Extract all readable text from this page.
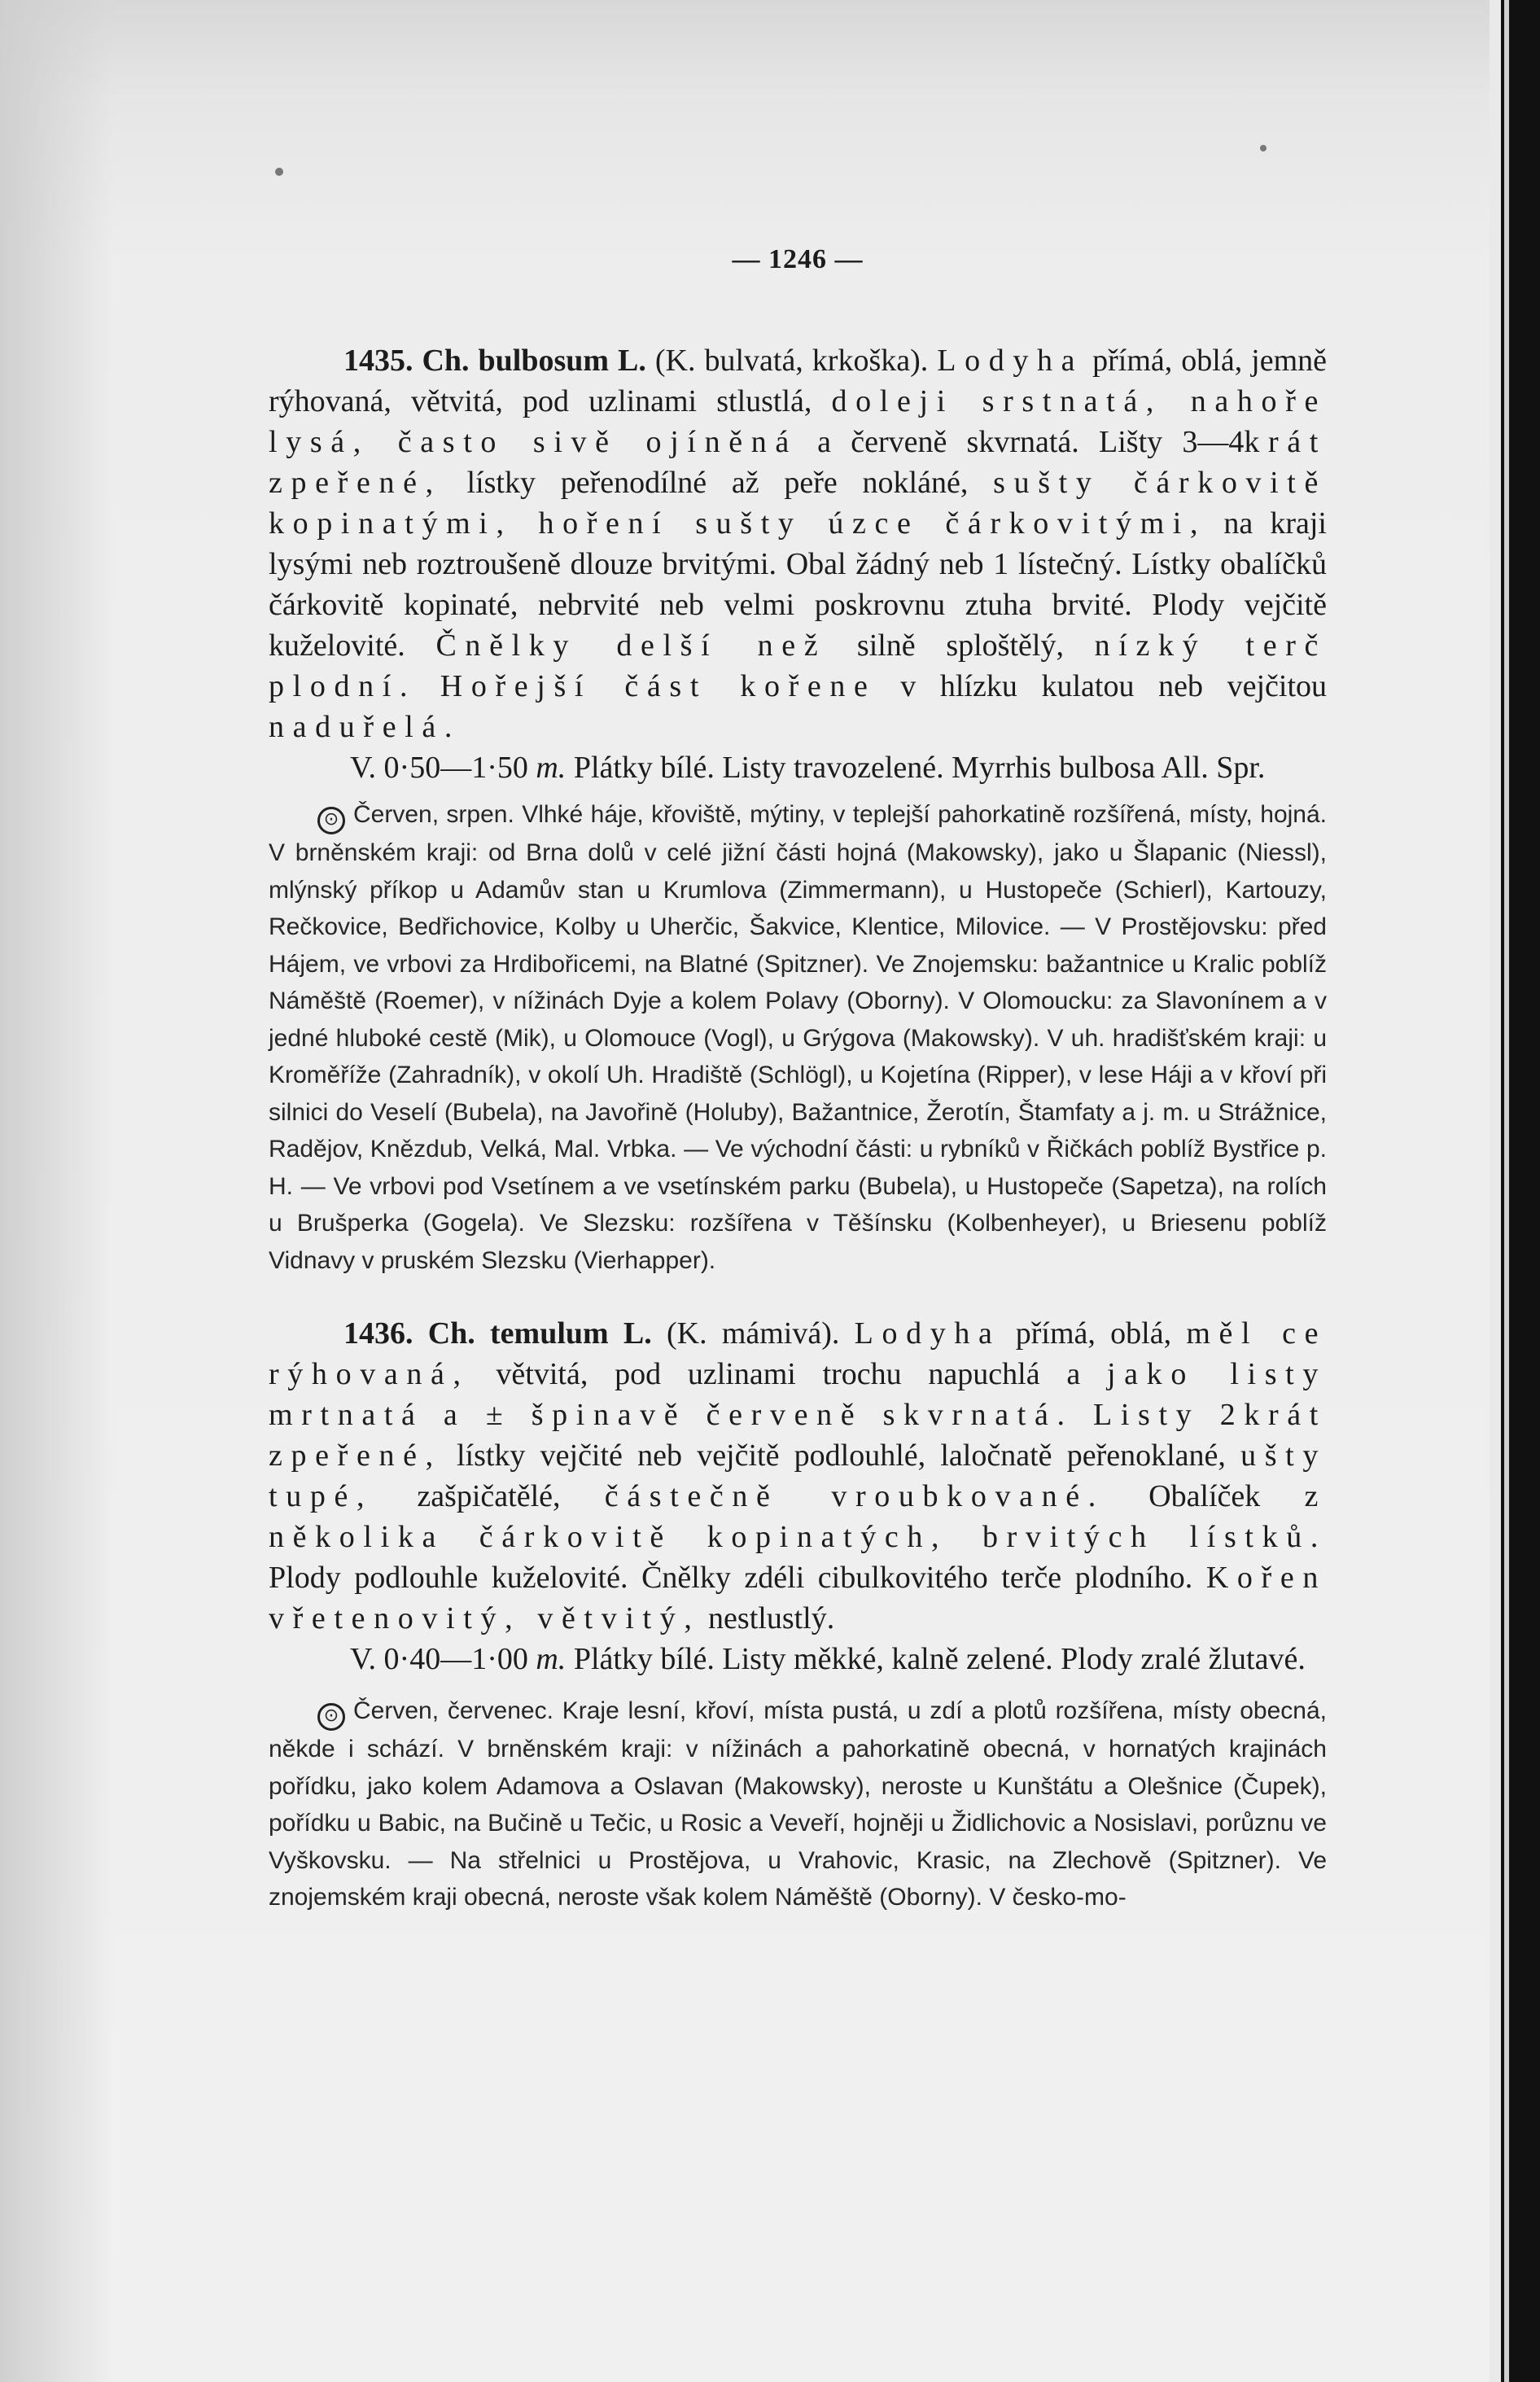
— 1246 —
1435. Ch. bulbosum L. (K. bulvatá, krkoška). Lodyha přímá, oblá, jemně rýhovaná, větvitá, pod uzlinami stlustlá, doleji srstnatá, nahoře lysá, často sivě ojíněná a červeně skvrnatá. Lišty 3—4krát zpeřené, lístky peřenodílné až peře nokláné, sušty čárkovitě kopinatými, hoření sušty úzce čárkovitými, na kraji lysými neb roztroušeně dlouze brvitými. Obal žádný neb 1 lístečný. Lístky obalíčků čárkovitě kopinaté, nebrvité neb velmi poskrovnu ztuha brvité. Plody vejčitě kuželovité. Čnělky delší než silně sploštělý, nízký terč plodní. Hořejší část kořene v hlízku kulatou neb vejčitou naduřelá.
V. 0·50—1·50 m. Plátky bílé. Listy travozelené. Myrrhis bulbosa All. Spr.
⊙ Červen, srpen. Vlhké háje, křoviště, mýtiny, v teplejší pahorkatině rozšířená, místy, hojná. V brněnském kraji: od Brna dolů v celé jižní části hojná (Makowsky), jako u Šlapanic (Niessl), mlýnský příkop u Adamův stan u Krumlova (Zimmermann), u Hustopeče (Schierl), Kartouzy, Rečkovice, Bedřichovice, Kolby u Uherčic, Šakvice, Klentice, Milovice. — V Prostějovsku: před Hájem, ve vrbovi za Hrdibořicemi, na Blatné (Spitzner). Ve Znojemsku: bažantnice u Kralic poblíž Náměště (Roemer), v nížinách Dyje a kolem Polavy (Oborny). V Olomoucku: za Slavonínem a v jedné hluboké cestě (Mik), u Olomouce (Vogl), u Grýgova (Makowsky). V uh. hradišťském kraji: u Kroměříže (Zahradník), v okolí Uh. Hradiště (Schlögl), u Kojetína (Ripper), v lese Háji a v křoví při silnici do Veselí (Bubela), na Javořině (Holuby), Bažantnice, Žerotín, Štamfaty a j. m. u Strážnice, Radějov, Knězdub, Velká, Mal. Vrbka. — Ve východní části: u rybníků v Řičkách poblíž Bystřice p. H. — Ve vrbovi pod Vsetínem a ve vsetínském parku (Bubela), u Hustopeče (Sapetza), na rolích u Brušperka (Gogela). Ve Slezsku: rozšířena v Těšínsku (Kolbenheyer), u Briesenu poblíž Vidnavy v pruském Slezsku (Vierhapper).
1436. Ch. temulum L. (K. mámivá). Lodyha přímá, oblá, měl ce rýhovaná, větvitá, pod uzlinami trochu napuchlá a jako listy mrtnatá a ± špinavě červeně skvrnatá. Listy 2krát zpeřené, lístky vejčité neb vejčitě podlouhlé, laločnatě peřenoklané, ušty tupé, zašpičatělé, částečně vroubkované. Obalíček z několika čárkovitě kopinatých, brvitých lístků. Plody podlouhle kuželovité. Čnělky zdéli cibulkovitého terče plodního. Kořen vřetenovitý, větvitý, nestlustlý.
V. 0·40—1·00 m. Plátky bílé. Listy měkké, kalně zelené. Plody zralé žlutavé.
⊙ Červen, červenec. Kraje lesní, křoví, místa pustá, u zdí a plotů rozšířena, místy obecná, někde i schází. V brněnském kraji: v nížinách a pahorkatině obecná, v hornatých krajinách pořídku, jako kolem Adamova a Oslavan (Makowsky), neroste u Kunštátu a Olešnice (Čupek), pořídku u Babic, na Bučině u Tečic, u Rosic a Veveří, hojněji u Židlichovic a Nosislavi, porůznu ve Vyškovsku. — Na střelnici u Prostějova, u Vrahovic, Krasic, na Zlechově (Spitzner). Ve znojemském kraji obecná, neroste však kolem Náměště (Oborny). V česko-mo-
